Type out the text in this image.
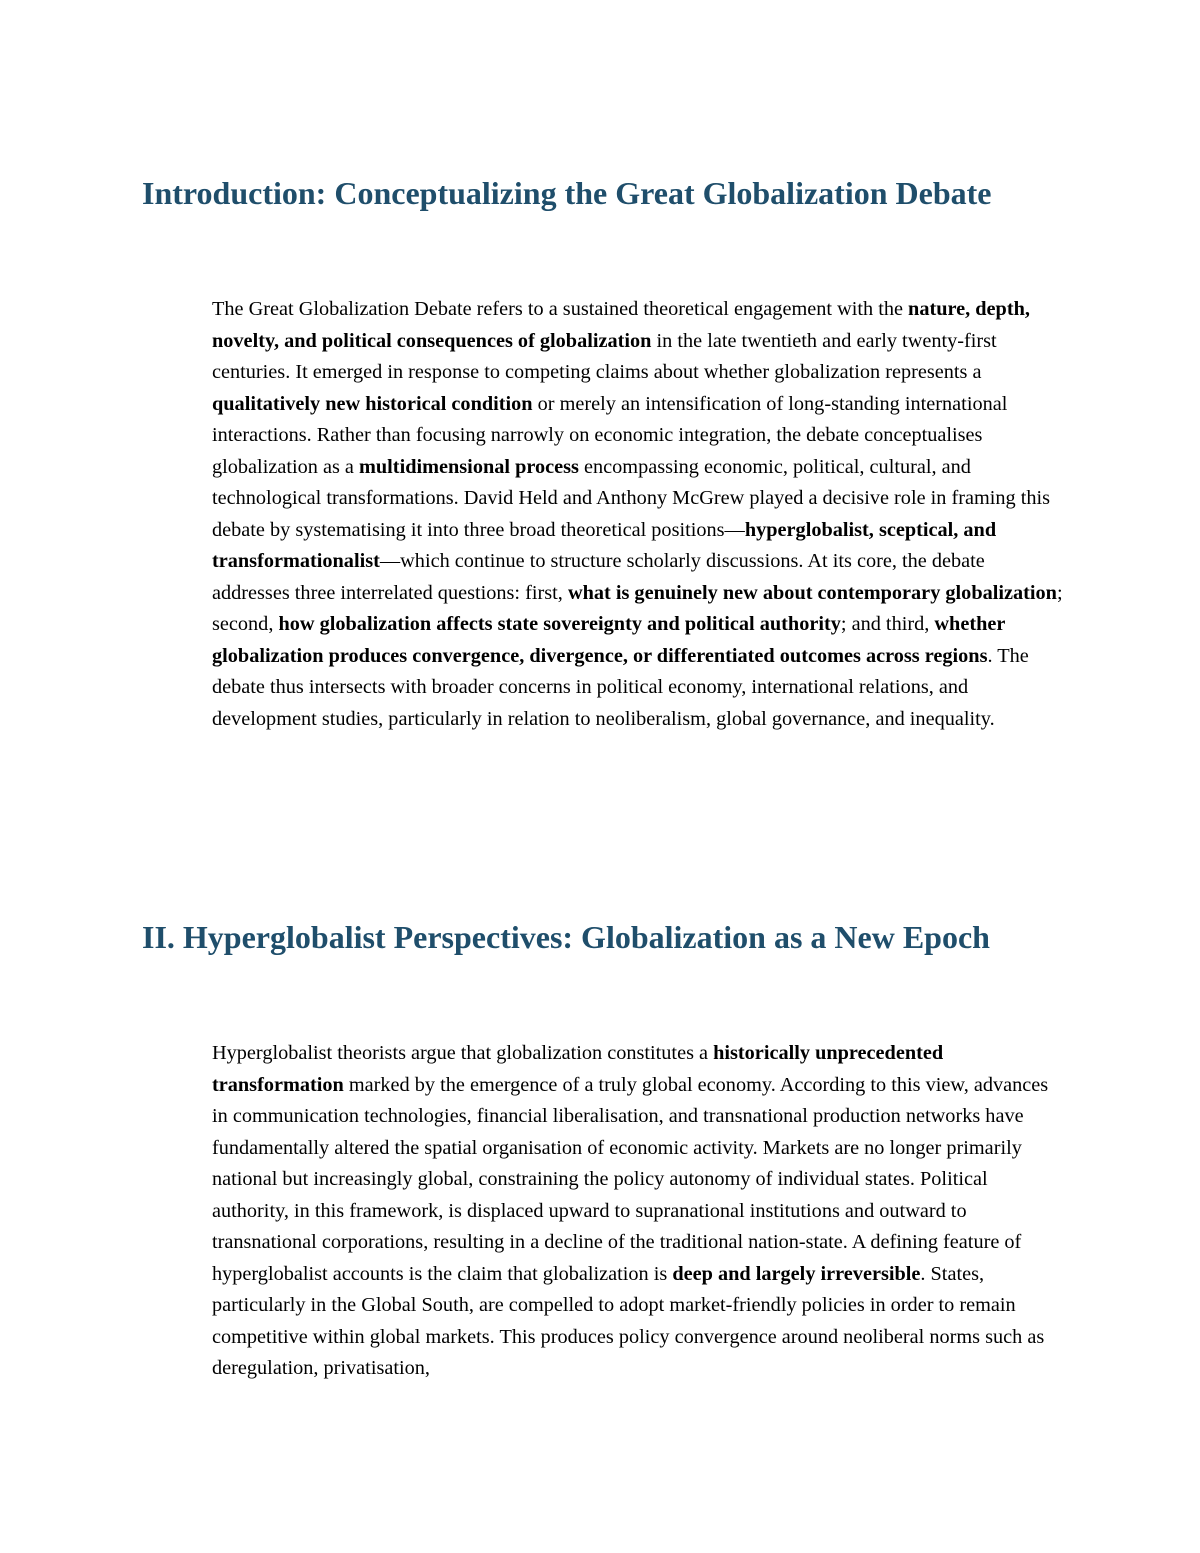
Introduction: Conceptualizing the Great Globalization Debate

The Great Globalization Debate refers to a sustained theoretical engagement with the nature, depth, novelty, and political consequences of globalization in the late twentieth and early twenty-first centuries. It emerged in response to competing claims about whether globalization represents a qualitatively new historical condition or merely an intensification of long-standing international interactions. Rather than focusing narrowly on economic integration, the debate conceptualises globalization as a multidimensional process encompassing economic, political, cultural, and technological transformations. David Held and Anthony McGrew played a decisive role in framing this debate by systematising it into three broad theoretical positions—hyperglobalist, sceptical, and transformationalist—which continue to structure scholarly discussions. At its core, the debate addresses three interrelated questions: first, what is genuinely new about contemporary globalization; second, how globalization affects state sovereignty and political authority; and third, whether globalization produces convergence, divergence, or differentiated outcomes across regions. The debate thus intersects with broader concerns in political economy, international relations, and development studies, particularly in relation to neoliberalism, global governance, and inequality.

II. Hyperglobalist Perspectives: Globalization as a New Epoch

Hyperglobalist theorists argue that globalization constitutes a historically unprecedented transformation marked by the emergence of a truly global economy. According to this view, advances in communication technologies, financial liberalisation, and transnational production networks have fundamentally altered the spatial organisation of economic activity. Markets are no longer primarily national but increasingly global, constraining the policy autonomy of individual states. Political authority, in this framework, is displaced upward to supranational institutions and outward to transnational corporations, resulting in a decline of the traditional nation-state. A defining feature of hyperglobalist accounts is the claim that globalization is deep and largely irreversible. States, particularly in the Global South, are compelled to adopt market-friendly policies in order to remain competitive within global markets. This produces policy convergence around neoliberal norms such as deregulation, privatisation,
